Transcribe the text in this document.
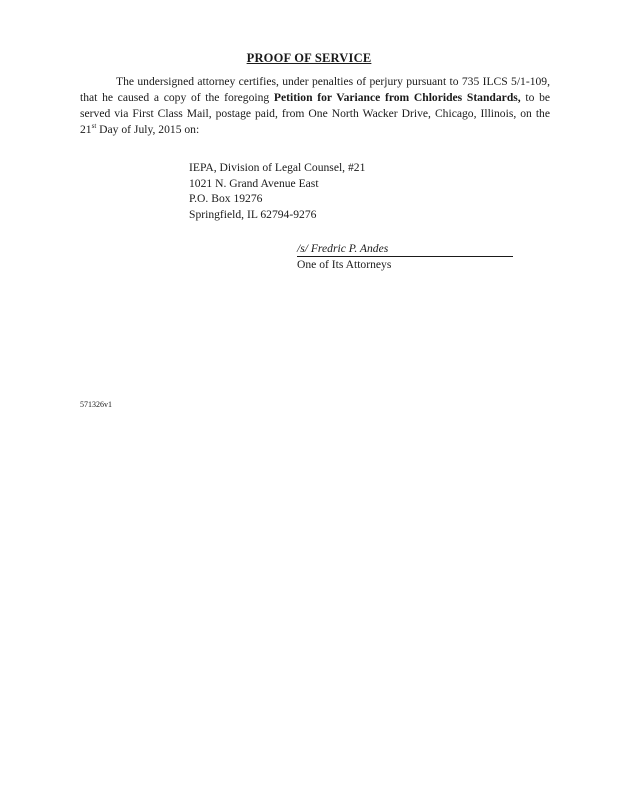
PROOF OF SERVICE
The undersigned attorney certifies, under penalties of perjury pursuant to 735 ILCS 5/1-109, that he caused a copy of the foregoing Petition for Variance from Chlorides Standards, to be served via First Class Mail, postage paid, from One North Wacker Drive, Chicago, Illinois, on the 21st Day of July, 2015 on:
IEPA, Division of Legal Counsel, #21
1021 N. Grand Avenue East
P.O. Box 19276
Springfield, IL 62794-9276
/s/ Fredric P. Andes
One of Its Attorneys
571326v1
